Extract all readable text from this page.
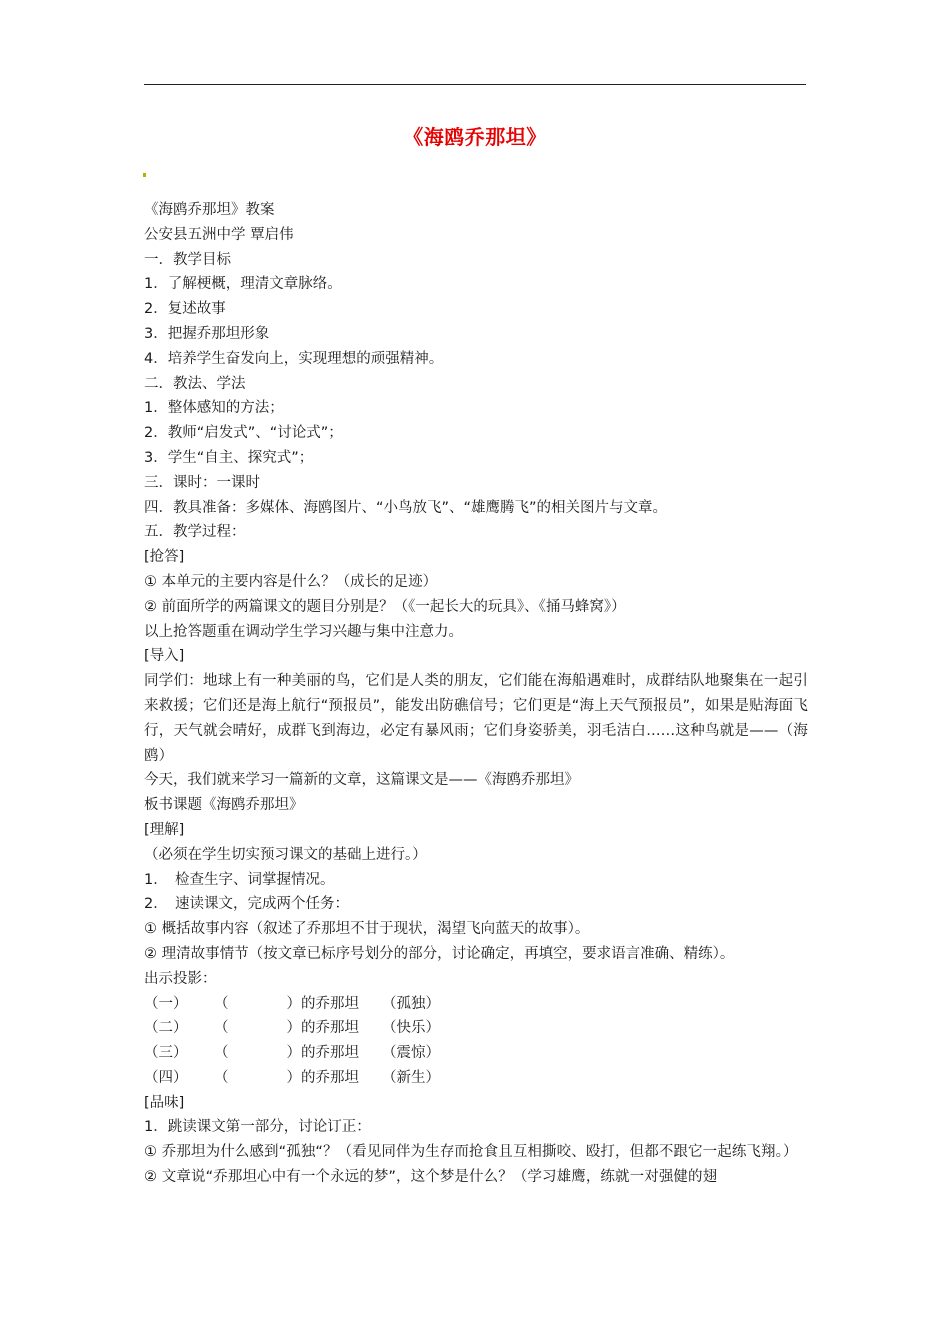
《海鸥乔那坦》
《海鸥乔那坦》教案
公安县五洲中学 覃启伟
一．教学目标
1．了解梗概，理清文章脉络。
2．复述故事
3．把握乔那坦形象
4．培养学生奋发向上，实现理想的顽强精神。
二．教法、学法
1．整体感知的方法；
2．教师“启发式”、“讨论式”；
3．学生“自主、探究式”；
三．课时：一课时
四．教具准备：多媒体、海鸥图片、“小鸟放飞”、“雄鹰腾飞”的相关图片与文章。
五．教学过程：
[抢答]
① 本单元的主要内容是什么？（成长的足迹）
② 前面所学的两篇课文的题目分别是？（《一起长大的玩具》、《捅马蜂窝》）
以上抢答题重在调动学生学习兴趣与集中注意力。
[导入]
同学们：地球上有一种美丽的鸟，它们是人类的朋友，它们能在海船遇难时，成群结队地聚集在一起引来救援；它们还是海上航行“预报员”，能发出防礁信号；它们更是“海上天气预报员”，如果是贴海面飞行，天气就会晴好，成群飞到海边，必定有暴风雨；它们身姿骄美，羽毛洁白……这种鸟就是——（海鸥）
今天，我们就来学习一篇新的文章，这篇课文是——《海鸥乔那坦》
板书课题《海鸥乔那坦》
[理解]
（必须在学生切实预习课文的基础上进行。）
1．　检查生字、词掌握情况。
2．　速读课文，完成两个任务：
① 概括故事内容（叙述了乔那坦不甘于现状，渴望飞向蓝天的故事）。
② 理清故事情节（按文章已标序号划分的部分，讨论确定，再填空，要求语言准确、精练）。
出示投影：
（一） （　　　　）的乔那坦 （孤独）
（二） （　　　　）的乔那坦 （快乐）
（三） （　　　　）的乔那坦 （震惊）
（四） （　　　　）的乔那坦 （新生）
[品味]
1．跳读课文第一部分，讨论订正：
① 乔那坦为什么感到“孤独“？（看见同伴为生存而抢食且互相撕咬、殴打，但都不跟它一起练飞翔。）
② 文章说“乔那坦心中有一个永远的梦”，这个梦是什么？（学习雄鹰，练就一对强健的翅
